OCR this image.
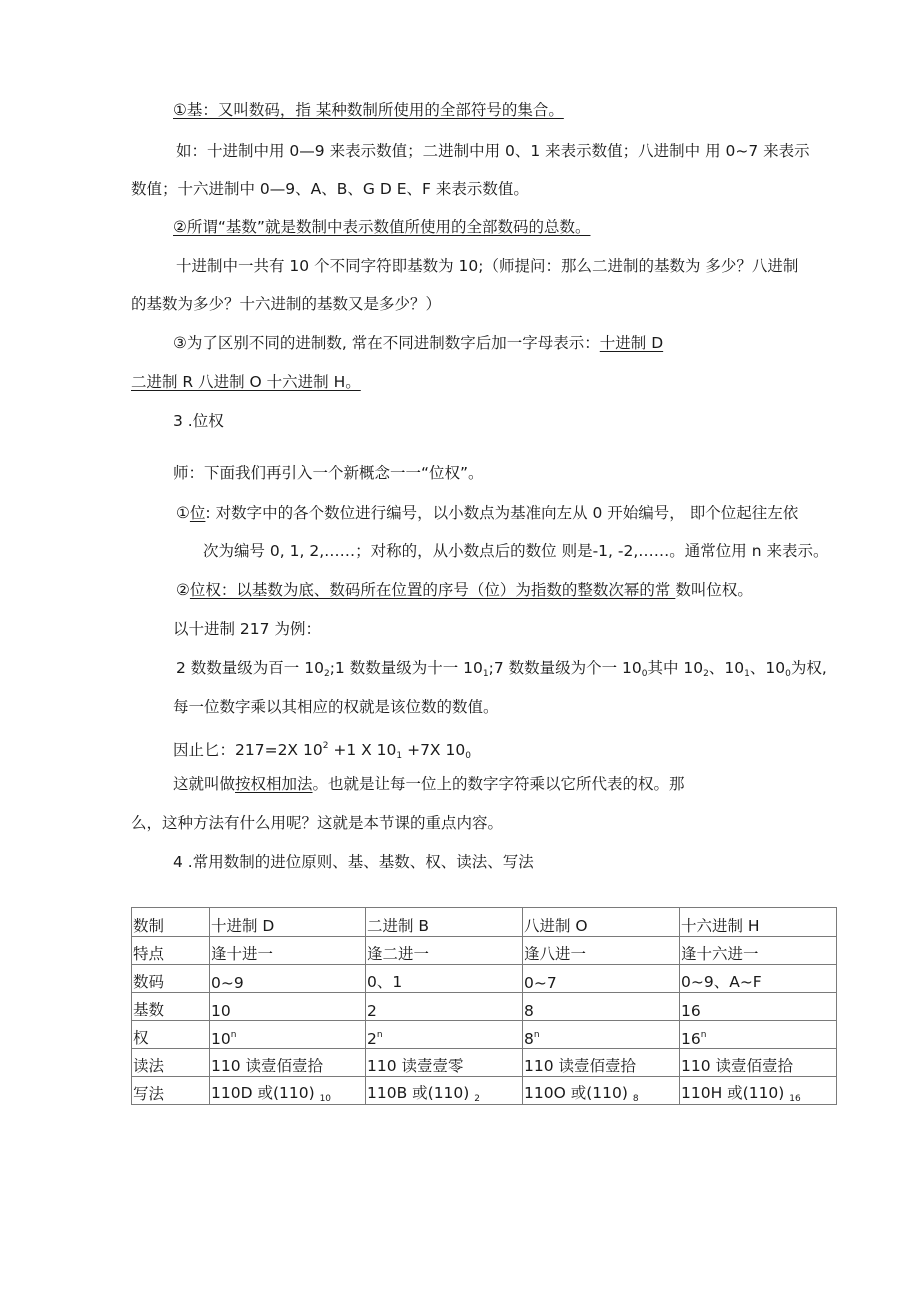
①基：又叫数码，指 某种数制所使用的全部符号的集合。
如：十进制中用 0—9 来表示数值；二进制中用 0、1 来表示数值；八进制中 用 0~7 来表示
数值；十六进制中 0—9、A、B、G D E、F 来表示数值。
②所谓“基数”就是数制中表示数值所使用的全部数码的总数。
十进制中一共有 10 个不同字符即基数为 10;（师提问：那么二进制的基数为 多少？八进制
的基数为多少？十六进制的基数又是多少？）
③为了区别不同的进制数, 常在不同进制数字后加一字母表示：十进制 D
二进制 R 八进制 O 十六进制 H。
3 .位权
师：下面我们再引入一个新概念一一“位权”。
①位: 对数字中的各个数位进行编号，以小数点为基准向左从 0 开始编号， 即个位起往左依
次为编号 0, 1, 2,……；对称的，从小数点后的数位 则是-1, -2,……。通常位用 n 来表示。
②位权：以基数为底、数码所在位置的序号（位）为指数的整数次幂的常 数叫位权。
以十进制 217 为例：
2 数数量级为百一 $10_2;1$ 数数量级为十一 $10_1;7$ 数数量级为个一 $10_0$其中 $10_2$、$10_1$、$10_0$为权,
每一位数字乘以其相应的权就是该位数的数值。
因止匕：217=2X $10^2 +1$ X $10_1 +7X$ $10_0$
这就叫做按权相加法。也就是让每一位上的数字字符乘以它所代表的权。那
么，这种方法有什么用呢？这就是本节课的重点内容。
4 .常用数制的进位原则、基、基数、权、读法、写法
数制	十进制 D	二进制 B	八进制 O	十六进制 H
特点	逢十进一	逢二进一	逢八进一	逢十六进一
数码	0~9	0、1	0~7	0~9、A~F
基数	10	2	8	16
权	10$^n$	2$^n$	8$^n$	16$^n$
读法	110 读壹佰壹拾	110 读壹壹零	110 读壹佰壹拾	110 读壹佰壹拾
写法	110D 或(110) $_{10}$	110B 或(110) $_2$	110O 或(110) $_8$	110H 或(110) $_{16}$
